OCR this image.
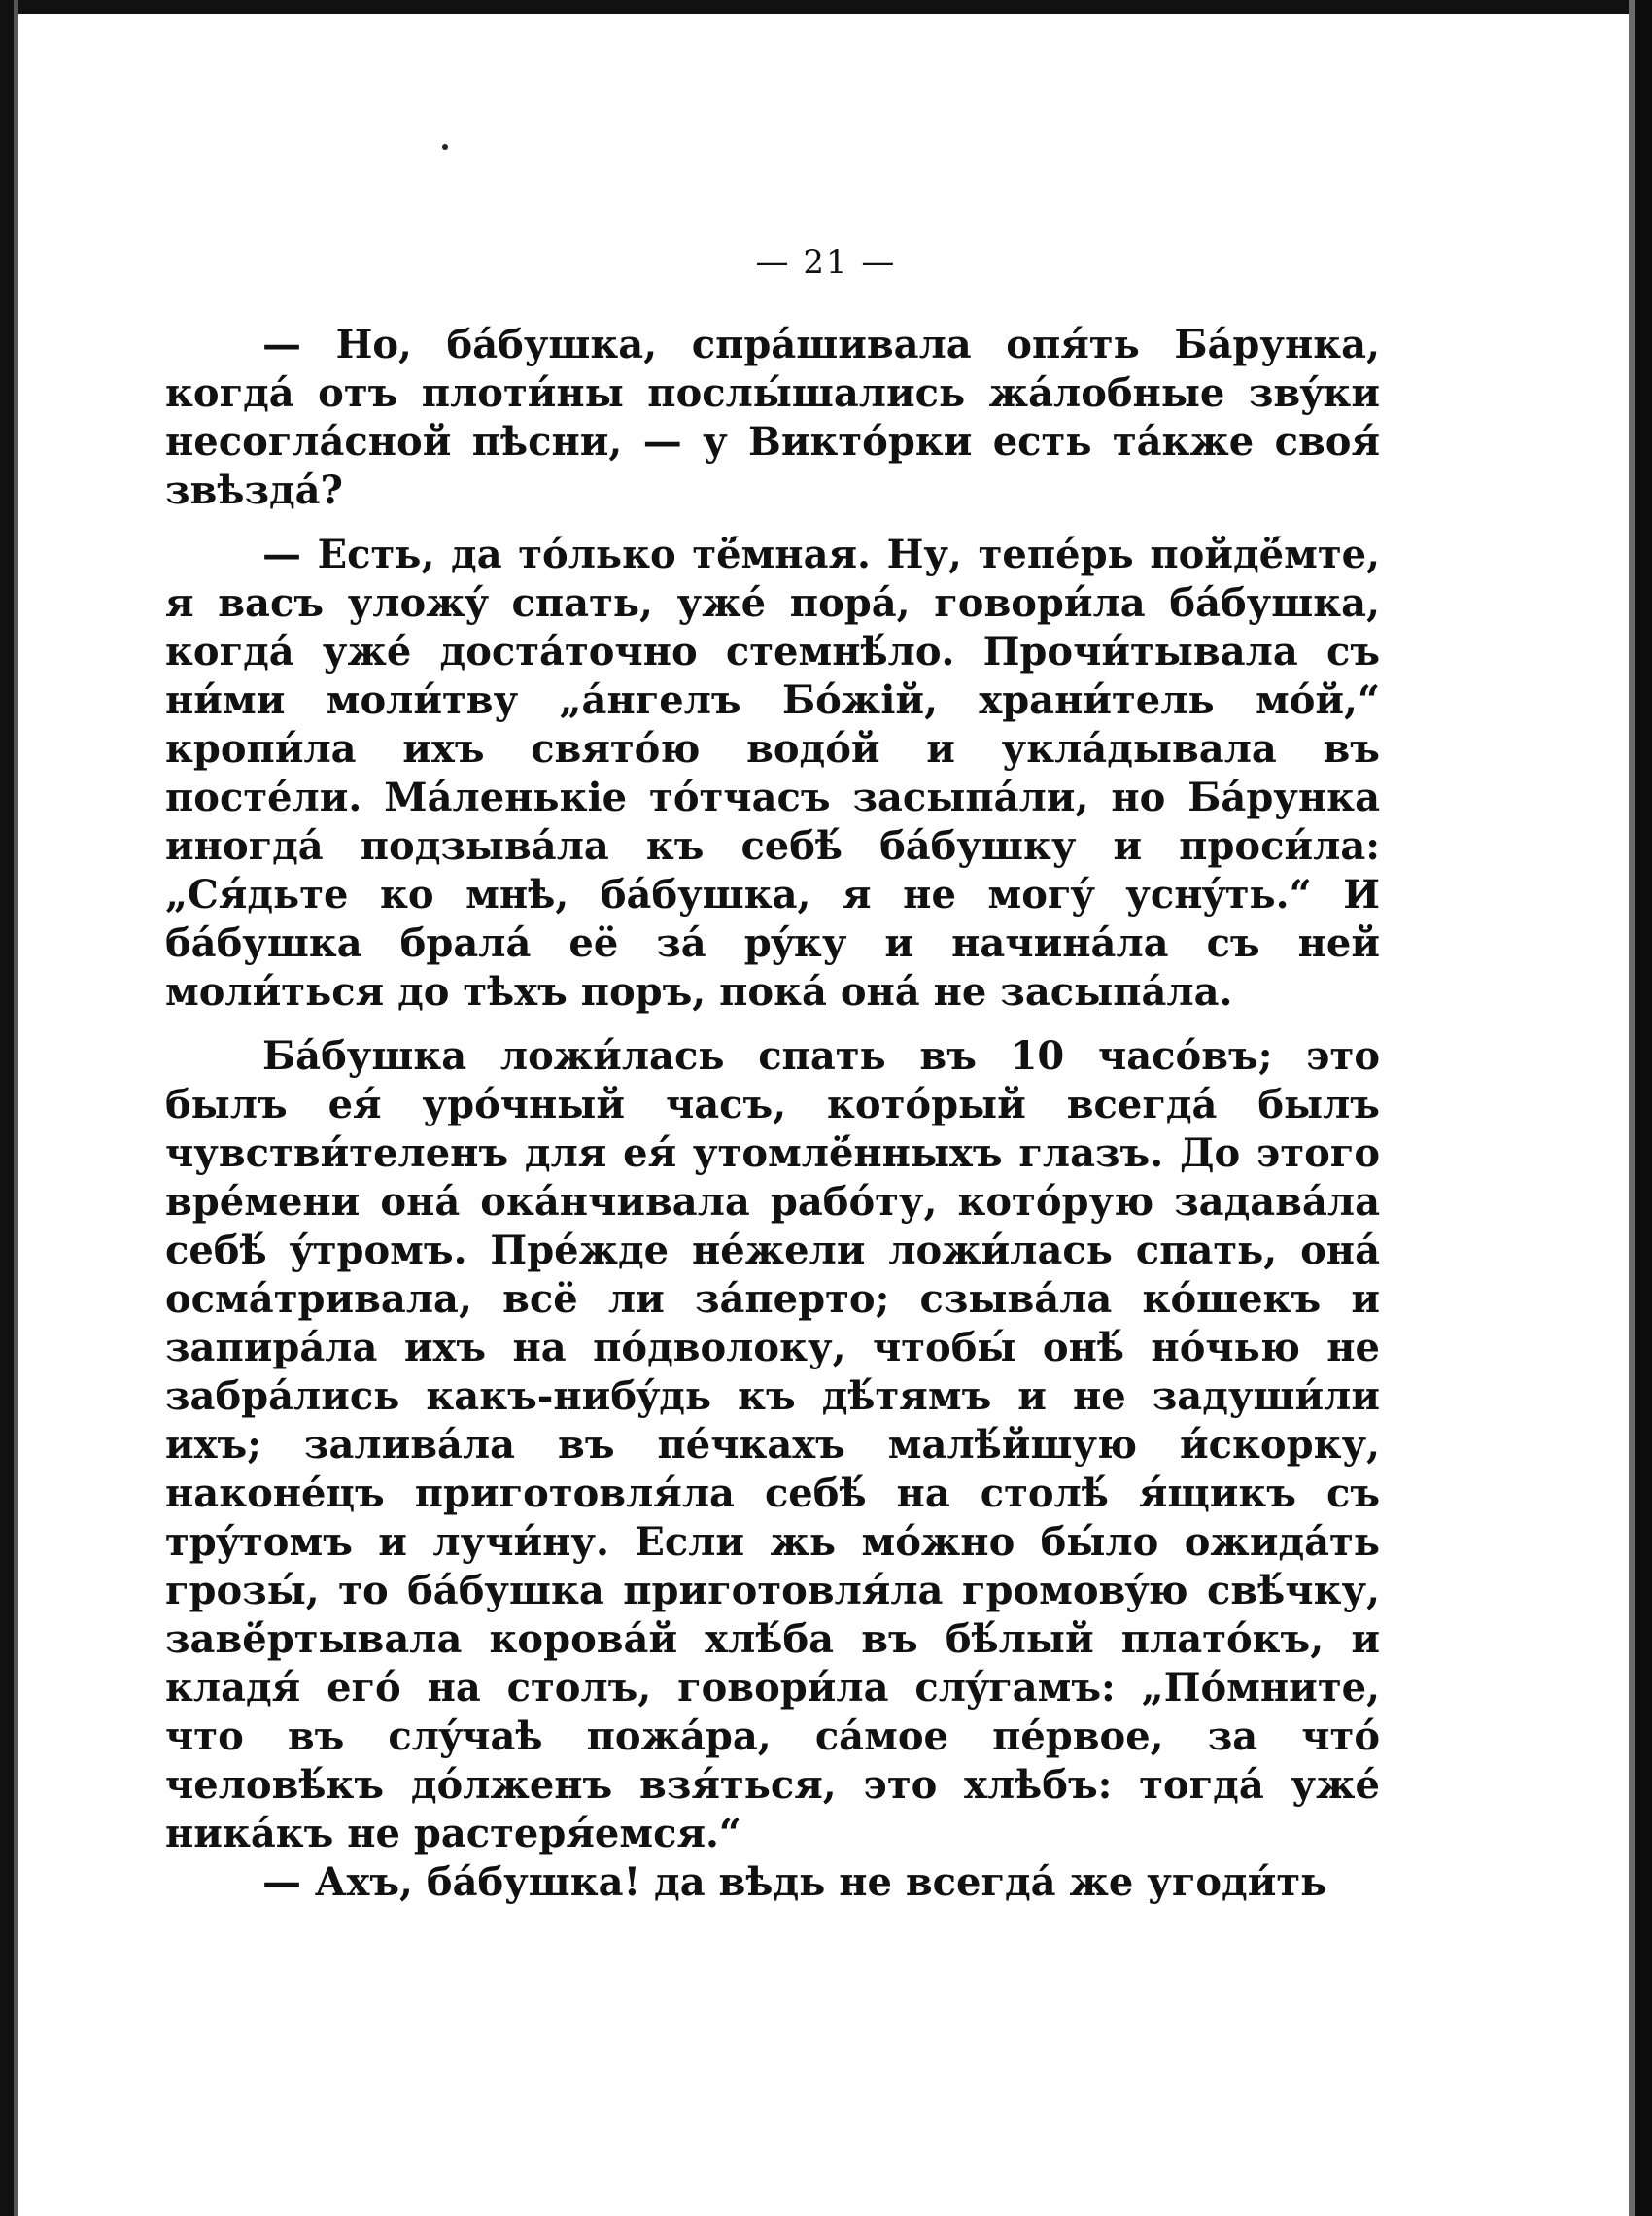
— 21 —

— Но, бáбушка, спрáшивала опя́ть Бáрунка, когдá отъ плоти́ны послы́шались жáлобные звýки несоглáсной пѣсни, — у Викто́рки есть тáкже своя́ звѣздá?

— Есть, да то́лько тё́мная. Ну, тепе́рь пойдё́мте, я васъ уложý спать, ужé порá, говори́ла бáбушка, когдá ужé достáточно стемнѣ́ло. Прочи́тывала съ ни́ми моли́тву „áнгелъ Бо́жій, храни́тель мо́й,“ кропи́ла ихъ свято́ю водо́й и уклáдывала въ посте́ли. Мáленькіе то́тчасъ засыпáли, но Бáрунка иногдá подзывáла къ себѣ́ бáбушку и проси́ла: „Ся́дьте ко мнѣ, бáбушка, я не могý уснýть.“ И бáбушка бралá её зá рýку и начинáла съ ней моли́ться до тѣхъ поръ, покá онá не засыпáла.

Бáбушка ложи́лась спать въ 10 часо́въ; это былъ ея́ уро́чный часъ, кото́рый всегдá былъ чувстви́теленъ для ея́ утомлё́нныхъ глазъ. До этого врéмени онá окáнчивала рабо́ту, кото́рую задавáла себѣ́ ýтромъ. Пре́жде нéжели ложи́лась спать, онá осмáтривала, всё ли зáперто; сзывáла ко́шекъ и запирáла ихъ на по́дволоку, чтобы́ онѣ́ но́чью не забрáлись какъ-нибýдь къ дѣ́тямъ и не задуши́ли ихъ; заливáла въ пéчкахъ малѣ́йшую и́скорку, наконéцъ приготовля́ла себѣ́ на столѣ́ я́щикъ съ трýтомъ и лучи́ну. Если жь мо́жно бы́ло ожидáть грозы́, то бáбушка приготовля́ла громовýю свѣ́чку, завё́ртывала коровáй хлѣ́ба въ бѣ́лый плато́къ, и кладя́ его́ на столъ, говори́ла слýгамъ: „По́мните, что въ слýчаѣ пожáра, сáмое пéрвое, за что́ человѣ́къ до́лженъ взя́ться, это хлѣбъ: тогдá ужé никáкъ не растеря́емся.“

— Ахъ, бáбушка! да вѣдь не всегдá же угоди́ть
